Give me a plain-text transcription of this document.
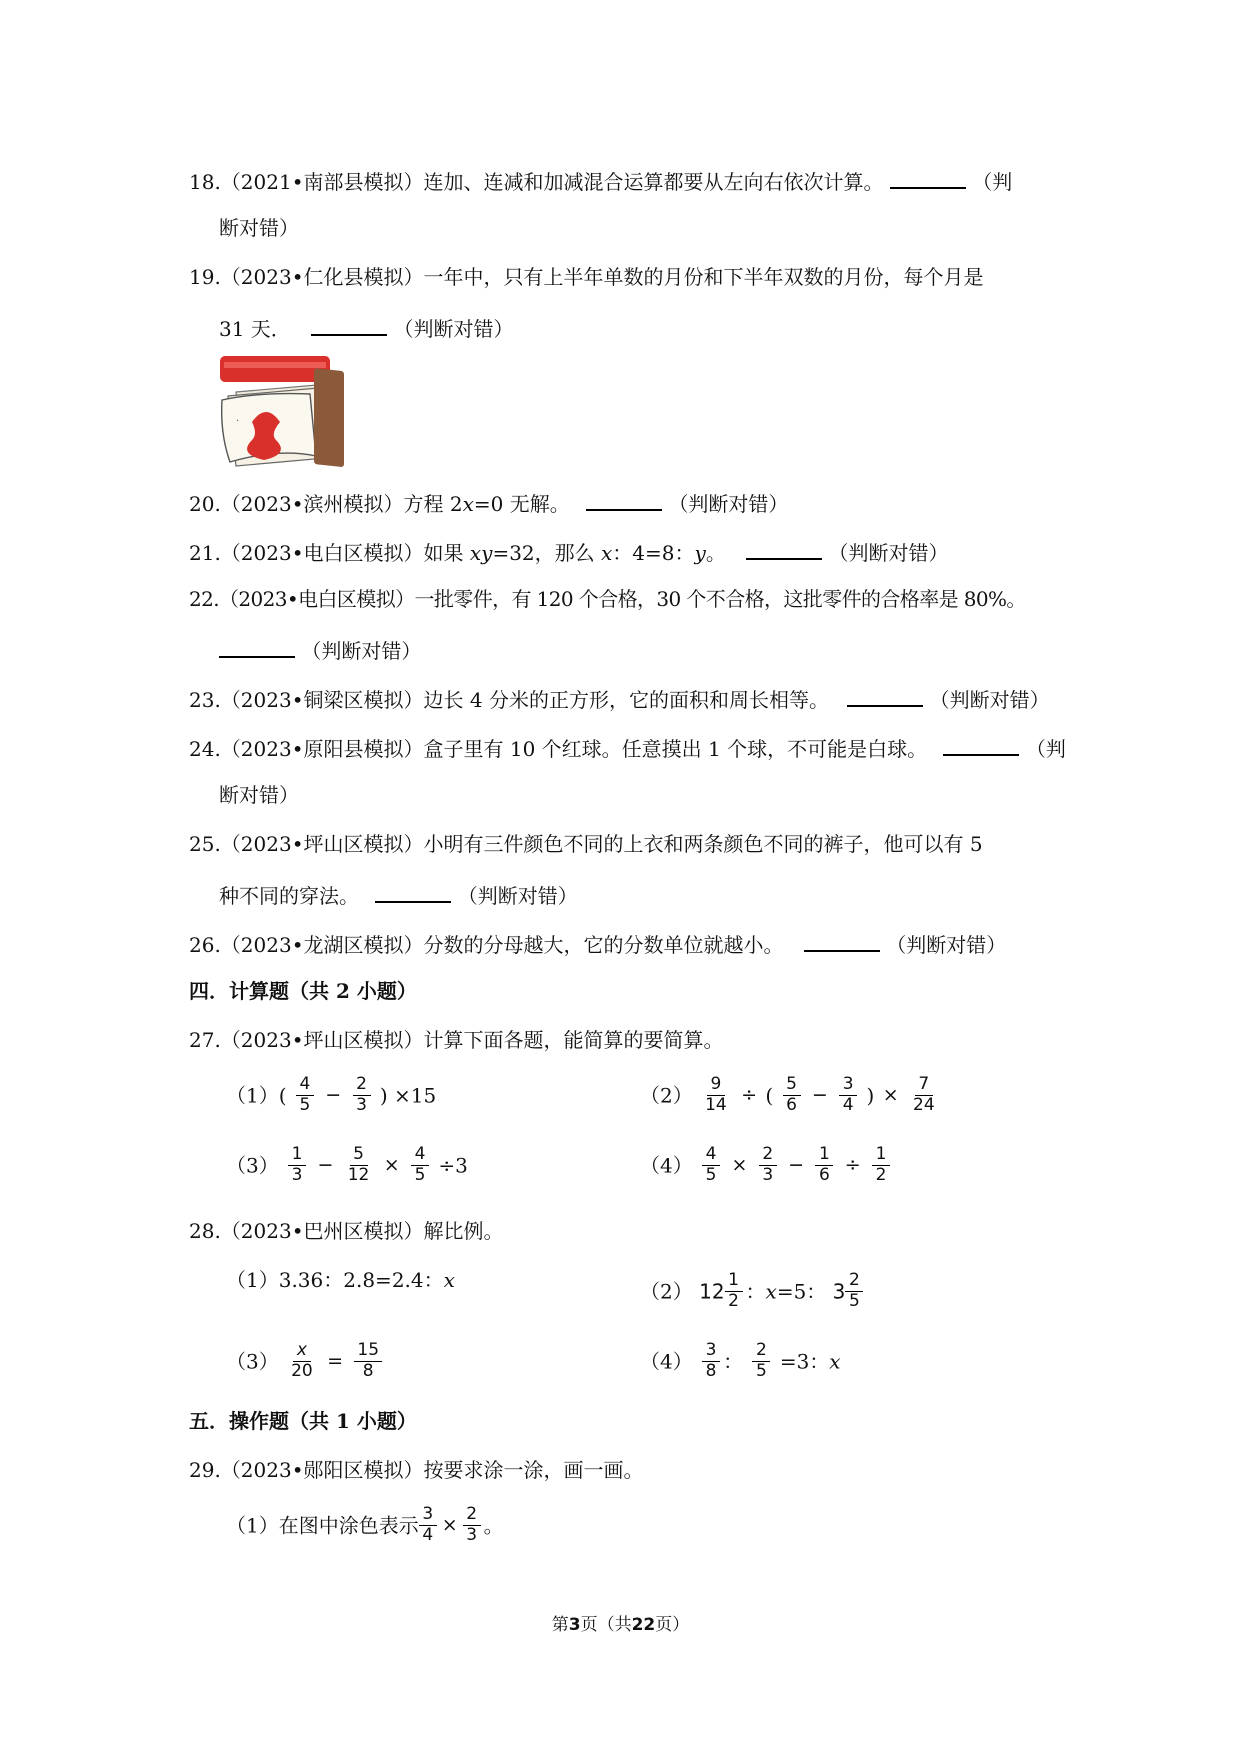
18.（2021•南部县模拟）连加、连减和加减混合运算都要从左向右依次计算。	（判
断对错）
19.（2023•仁化县模拟）一年中，只有上半年单数的月份和下半年双数的月份，每个月是
31 天．	（判断对错）
·
20.（2023•滨州模拟）方程 2x=0 无解。	（判断对错）
21.（2023•电白区模拟）如果 xy=32，那么 x：4=8：y。	（判断对错）
22.（2023•电白区模拟）一批零件，有 120 个合格，30 个不合格，这批零件的合格率是 80%。
（判断对错）
23.（2023•铜梁区模拟）边长 4 分米的正方形，它的面积和周长相等。	（判断对错）
24.（2023•原阳县模拟）盒子里有 10 个红球。任意摸出 1 个球，不可能是白球。	（判
断对错）
25.（2023•坪山区模拟）小明有三件颜色不同的上衣和两条颜色不同的裤子，他可以有 5
种不同的穿法。	（判断对错）
26.（2023•龙湖区模拟）分数的分母越大，它的分数单位就越小。	（判断对错）
四．计算题（共 2 小题）
27.（2023•坪山区模拟）计算下面各题，能简算的要简算。
$(1)( \frac{4}{5} - \frac{2}{3}$ ) ×15	$(2) \frac{9}{14}$ ÷ ( $\frac{5}{6} - \frac{3}{4}$ ) × $\frac{7}{24}$
$(3) \frac{1}{3} - \frac{5}{12} \times \frac{4}{5} \div 3$	$(4) \frac{4}{5} \times \frac{2}{3} - \frac{1}{6} \div \frac{1}{2}$
28.（2023•巴州区模拟）解比例。
（1）3.36：2.8=2.4：x	（2） $12 \frac{1}{2}$ ：x=5： $3 \frac{2}{5}$
$(3) \frac{x}{20} = \frac{15}{8}$	$(4) \frac{3}{8}$ ： $\frac{2}{5} =3$：x
五．操作题（共 1 小题）
29.（2023•郧阳区模拟）按要求涂一涂，画一画。
（1）在图中涂色表示 $\frac{3}{4} \times \frac{2}{3}$ 。
第3页（共22页）
